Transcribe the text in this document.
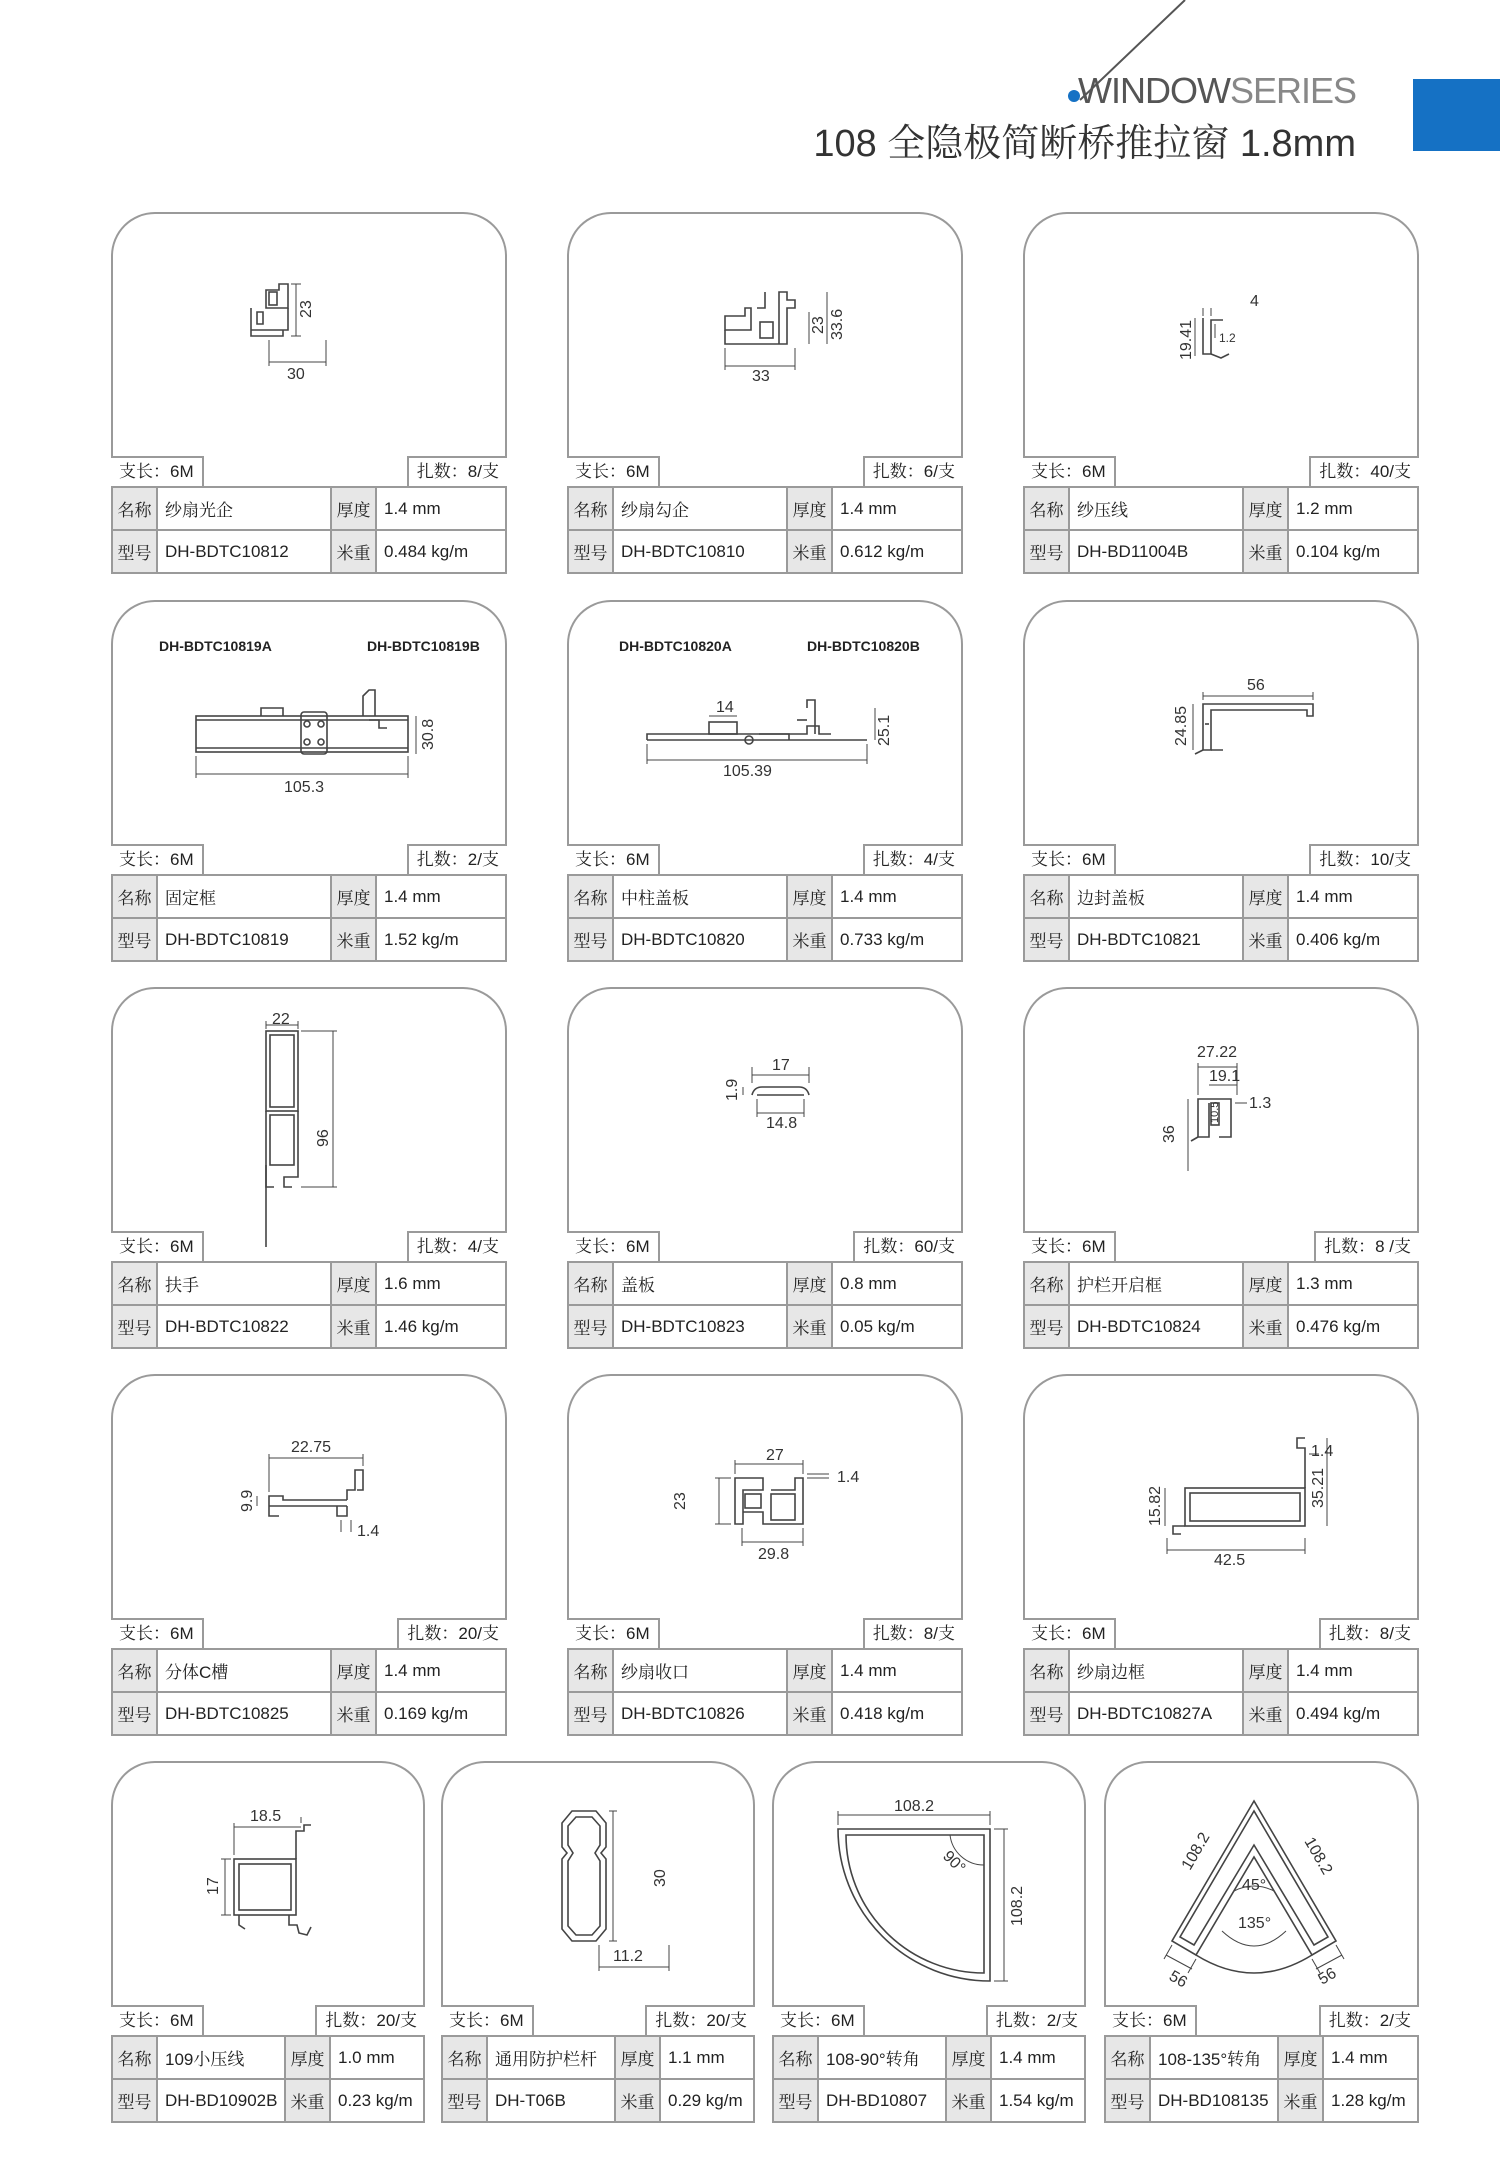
WINDOWSERIES
108 全隐极简断桥推拉窗 1.8mm
30
23
支长：6M	扎数：8/支
名称	纱扇光企	厚度	1.4 mm
型号	DH-BDTC10812	米重	0.484 kg/m
33
23 33.6
支长：6M	扎数：6/支
名称	纱扇勾企	厚度	1.4 mm
型号	DH-BDTC10810	米重	0.612 kg/m
4
19.41 1.2
支长：6M	扎数：40/支
名称	纱压线	厚度	1.2 mm
型号	DH-BD11004B	米重	0.104 kg/m
DH-BDTC10819A	DH-BDTC10819B
105.3
30.8
支长：6M	扎数：2/支
名称	固定框	厚度	1.4 mm
型号	DH-BDTC10819	米重	1.52 kg/m
DH-BDTC10820A	DH-BDTC10820B
14
105.39
25.1
支长：6M	扎数：4/支
名称	中柱盖板	厚度	1.4 mm
型号	DH-BDTC10820	米重	0.733 kg/m
56
24.85
支长：6M	扎数：10/支
名称	边封盖板	厚度	1.4 mm
型号	DH-BDTC10821	米重	0.406 kg/m
22
96
支长：6M	扎数：4/支
名称	扶手	厚度	1.6 mm
型号	DH-BDTC10822	米重	1.46 kg/m
17
14.8
1.9
支长：6M	扎数：60/支
名称	盖板	厚度	0.8 mm
型号	DH-BDTC10823	米重	0.05 kg/m
27.22
19.1
1.3
10.5
36
支长：6M	扎数：8 /支
名称	护栏开启框	厚度	1.3 mm
型号	DH-BDTC10824	米重	0.476 kg/m
22.75
9.9
1.4
支长：6M	扎数：20/支
名称	分体C槽	厚度	1.4 mm
型号	DH-BDTC10825	米重	0.169 kg/m
27
1.4
23
29.8
支长：6M	扎数：8/支
名称	纱扇收口	厚度	1.4 mm
型号	DH-BDTC10826	米重	0.418 kg/m
1.4
35.21
15.82
42.5
支长：6M	扎数：8/支
名称	纱扇边框	厚度	1.4 mm
型号	DH-BDTC10827A	米重	0.494 kg/m
18.5
17
支长：6M	扎数：20/支
名称	109小压线	厚度	1.0 mm
型号	DH-BD10902B	米重	0.23 kg/m
30
11.2
支长：6M	扎数：20/支
名称	通用防护栏杆	厚度	1.1 mm
型号	DH-T06B	米重	0.29 kg/m
108.2
90°
108.2
支长：6M	扎数：2/支
名称	108-90°转角	厚度	1.4 mm
型号	DH-BD10807	米重	1.54 kg/m
108.2	108.2
45°
135°
56	56
支长：6M	扎数：2/支
名称	108-135°转角	厚度	1.4 mm
型号	DH-BD108135	米重	1.28 kg/m
